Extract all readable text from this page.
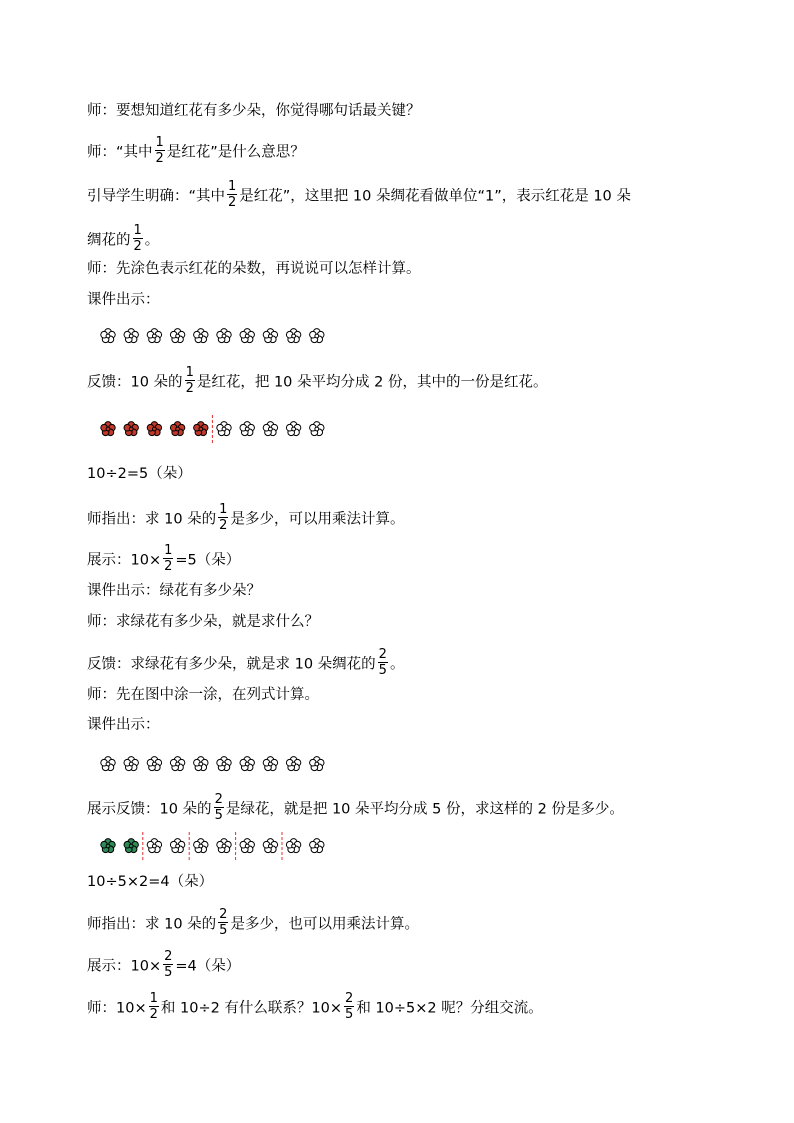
师：要想知道红花有多少朵，你觉得哪句话最关键？
师：“其中 $\frac{1}{2}$ 是红花”是什么意思？
引导学生明确：“其中 $\frac{1}{2}$ 是红花”，这里把 10 朵绸花看做单位“1”，表示红花是 10 朵
绸花的 $\frac{1}{2}$ 。
师：先涂色表示红花的朵数，再说说可以怎样计算。
课件出示：
反馈：10 朵的 $\frac{1}{2}$ 是红花，把 10 朵平均分成 2 份，其中的一份是红花。
10÷2=5（朵）
师指出：求 10 朵的 $\frac{1}{2}$ 是多少，可以用乘法计算。
展示：$10\times \frac{1}{2} =5$（朵）
课件出示：绿花有多少朵？
师：求绿花有多少朵，就是求什么？
反馈：求绿花有多少朵，就是求 10 朵绸花的 $\frac{2}{5}$ 。
师：先在图中涂一涂，在列式计算。
课件出示：
展示反馈：10 朵的 $\frac{2}{5}$ 是绿花，就是把 10 朵平均分成 5 份，求这样的 2 份是多少。
10÷5×2=4（朵）
师指出：求 10 朵的 $\frac{2}{5}$ 是多少，也可以用乘法计算。
展示：$10\times \frac{2}{5} =4$（朵）
师：$10\times \frac{1}{2}$ 和 10÷2 有什么联系？$10\times \frac{2}{5}$ 和 10÷5×2 呢？分组交流。
